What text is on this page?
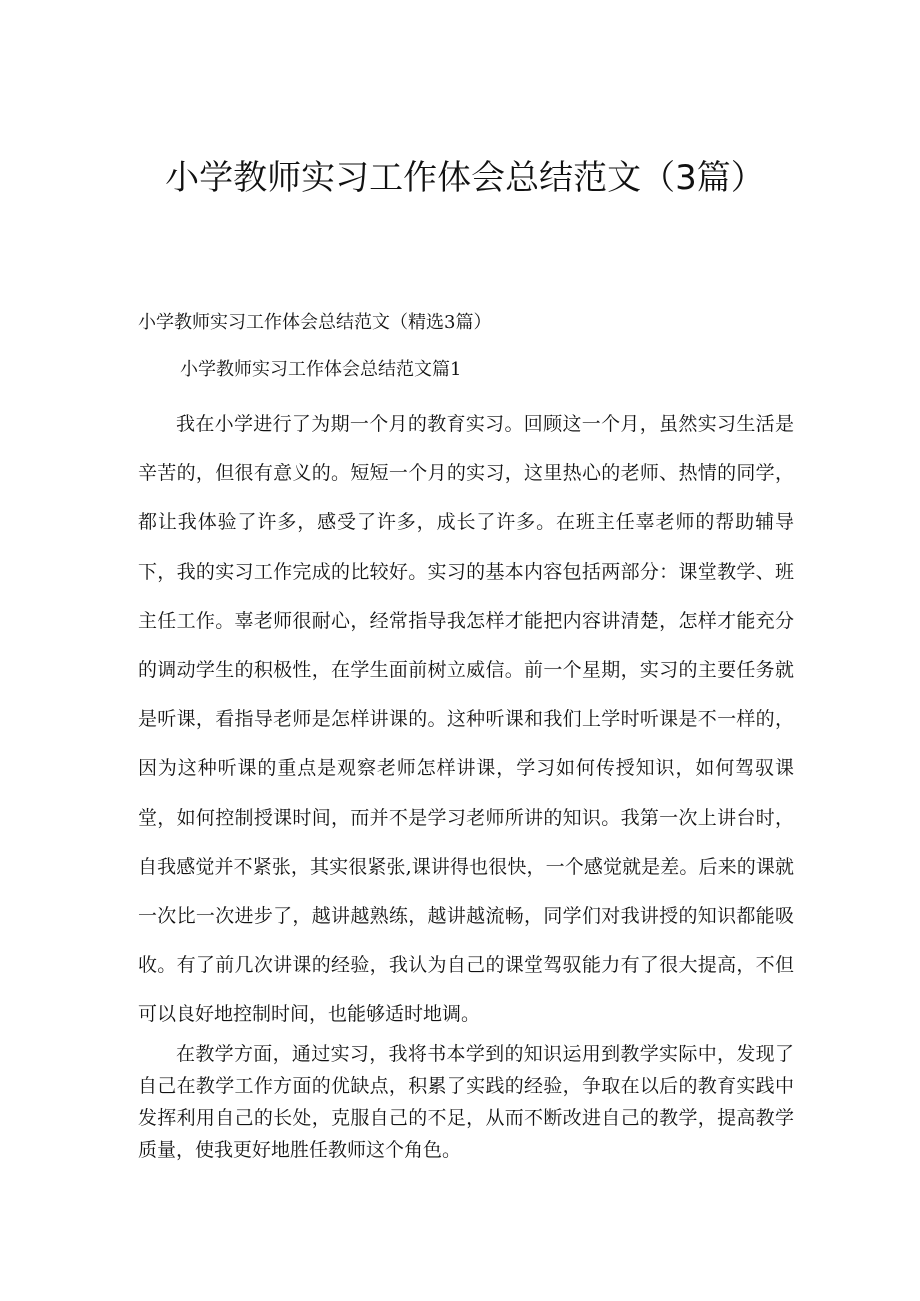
小学教师实习工作体会总结范文（3篇）
小学教师实习工作体会总结范文（精选3篇）
小学教师实习工作体会总结范文篇1

我在小学进行了为期一个月的教育实习。回顾这一个月，虽然实习生活是辛苦的，但很有意义的。短短一个月的实习，这里热心的老师、热情的同学，都让我体验了许多，感受了许多，成长了许多。在班主任辜老师的帮助辅导下，我的实习工作完成的比较好。实习的基本内容包括两部分：课堂教学、班主任工作。辜老师很耐心，经常指导我怎样才能把内容讲清楚，怎样才能充分的调动学生的积极性，在学生面前树立威信。前一个星期，实习的主要任务就是听课，看指导老师是怎样讲课的。这种听课和我们上学时听课是不一样的，因为这种听课的重点是观察老师怎样讲课，学习如何传授知识，如何驾驭课堂，如何控制授课时间，而并不是学习老师所讲的知识。我第一次上讲台时，自我感觉并不紧张，其实很紧张,课讲得也很快，一个感觉就是差。后来的课就一次比一次进步了，越讲越熟练，越讲越流畅，同学们对我讲授的知识都能吸收。有了前几次讲课的经验，我认为自己的课堂驾驭能力有了很大提高，不但可以良好地控制时间，也能够适时地调。

在教学方面，通过实习，我将书本学到的知识运用到教学实际中，发现了自己在教学工作方面的优缺点，积累了实践的经验，争取在以后的教育实践中发挥利用自己的长处，克服自己的不足，从而不断改进自己的教学，提高教学质量，使我更好地胜任教师这个角色。
